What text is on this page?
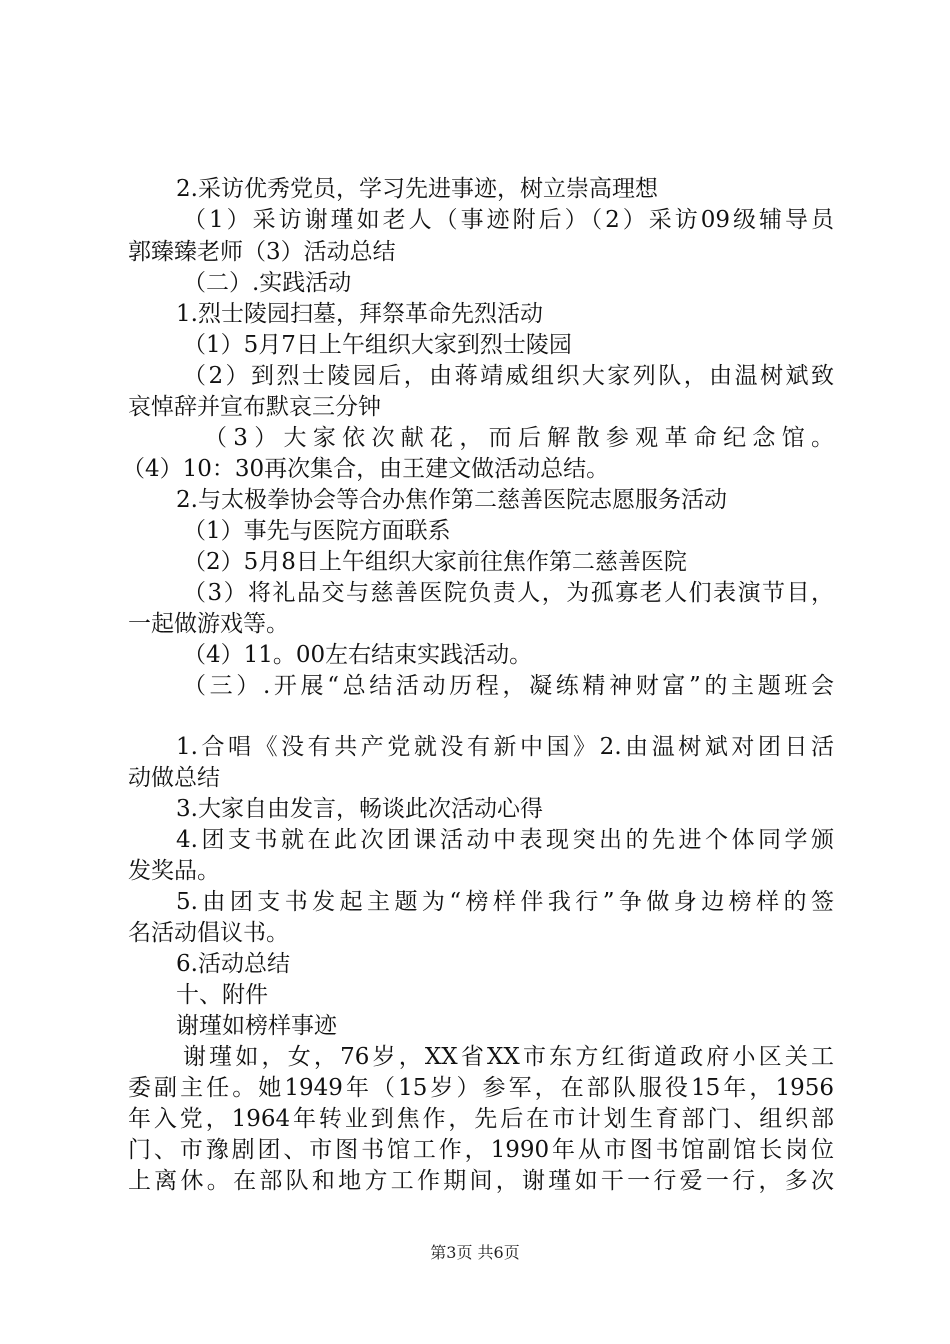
2.采访优秀党员，学习先进事迹，树立崇高理想
（1）采访谢瑾如老人（事迹附后）（2）采访09级辅导员
郭臻臻老师（3）活动总结
（二）.实践活动
1.烈士陵园扫墓，拜祭革命先烈活动
（1）5月7日上午组织大家到烈士陵园
（2）到烈士陵园后，由蒋靖威组织大家列队，由温树斌致
哀悼辞并宣布默哀三分钟
（3）大家依次献花，而后解散参观革命纪念馆。
（4）10：30再次集合，由王建文做活动总结。
2.与太极拳协会等合办焦作第二慈善医院志愿服务活动
（1）事先与医院方面联系
（2）5月8日上午组织大家前往焦作第二慈善医院
（3）将礼品交与慈善医院负责人，为孤寡老人们表演节目，
一起做游戏等。
（4）11。00左右结束实践活动。
（三）.开展“总结活动历程，凝练精神财富”的主题班会
1.合唱《没有共产党就没有新中国》2.由温树斌对团日活
动做总结
3.大家自由发言，畅谈此次活动心得
4.团支书就在此次团课活动中表现突出的先进个体同学颁
发奖品。
5.由团支书发起主题为“榜样伴我行”争做身边榜样的签
名活动倡议书。
6.活动总结
十、附件
谢瑾如榜样事迹
谢瑾如，女，76岁，XX省XX市东方红街道政府小区关工
委副主任。她1949年（15岁）参军，在部队服役15年，1956
年入党，1964年转业到焦作，先后在市计划生育部门、组织部
门、市豫剧团、市图书馆工作，1990年从市图书馆副馆长岗位
上离休。在部队和地方工作期间，谢瑾如干一行爱一行，多次
第3页 共6页
